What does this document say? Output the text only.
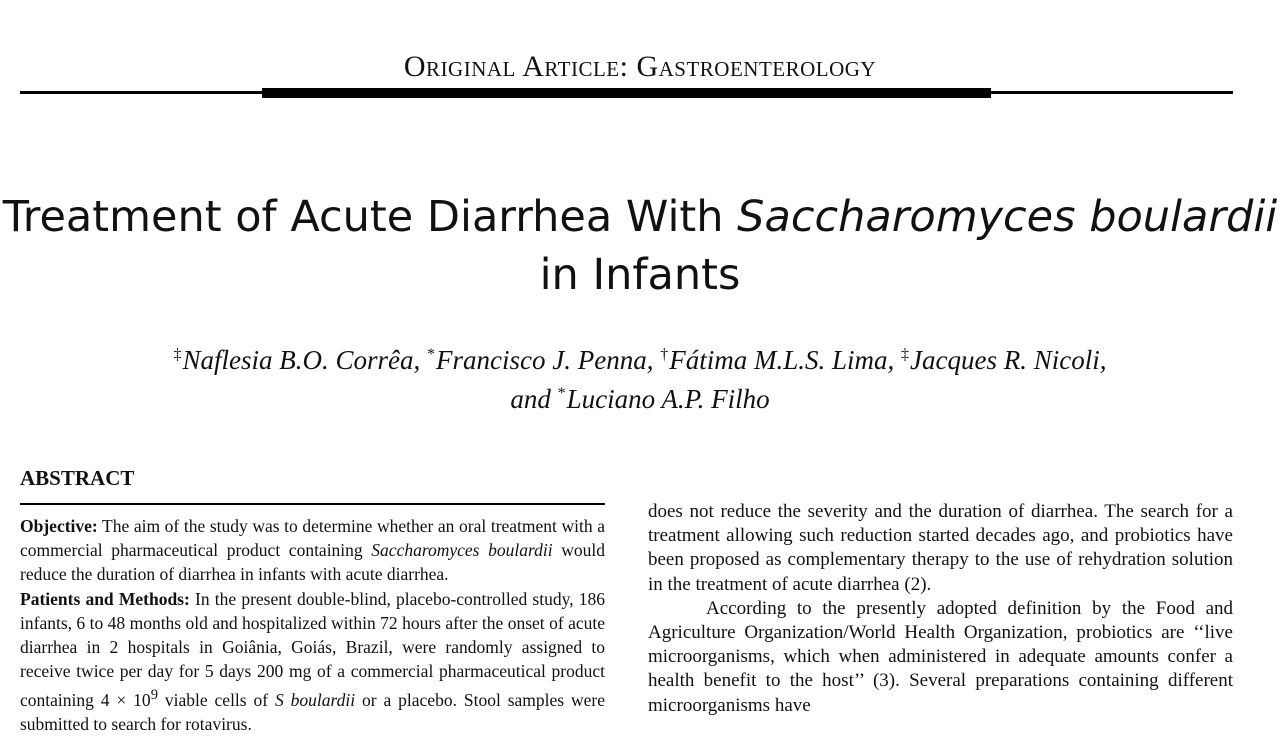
Original Article: Gastroenterology
Treatment of Acute Diarrhea With Saccharomyces boulardii in Infants
‡Naflesia B.O. Corrêa, *Francisco J. Penna, †Fátima M.L.S. Lima, ‡Jacques R. Nicoli,
and *Luciano A.P. Filho
ABSTRACT
Objective: The aim of the study was to determine whether an oral treatment with a commercial pharmaceutical product containing Saccharomyces boulardii would reduce the duration of diarrhea in infants with acute diarrhea.
Patients and Methods: In the present double-blind, placebo-controlled study, 186 infants, 6 to 48 months old and hospitalized within 72 hours after the onset of acute diarrhea in 2 hospitals in Goiânia, Goiás, Brazil, were randomly assigned to receive twice per day for 5 days 200 mg of a commercial pharmaceutical product containing $4 \times 10^9$ viable cells of S boulardii or a placebo. Stool samples were submitted to search for rotavirus.

does not reduce the severity and the duration of diarrhea. The search for a treatment allowing such reduction started decades ago, and probiotics have been proposed as complementary therapy to the use of rehydration solution in the treatment of acute diarrhea (2).

According to the presently adopted definition by the Food and Agriculture Organization/World Health Organization, probiotics are ‘‘live microorganisms, which when administered in adequate amounts confer a health benefit to the host’’ (3). Several preparations containing different microorganisms have
